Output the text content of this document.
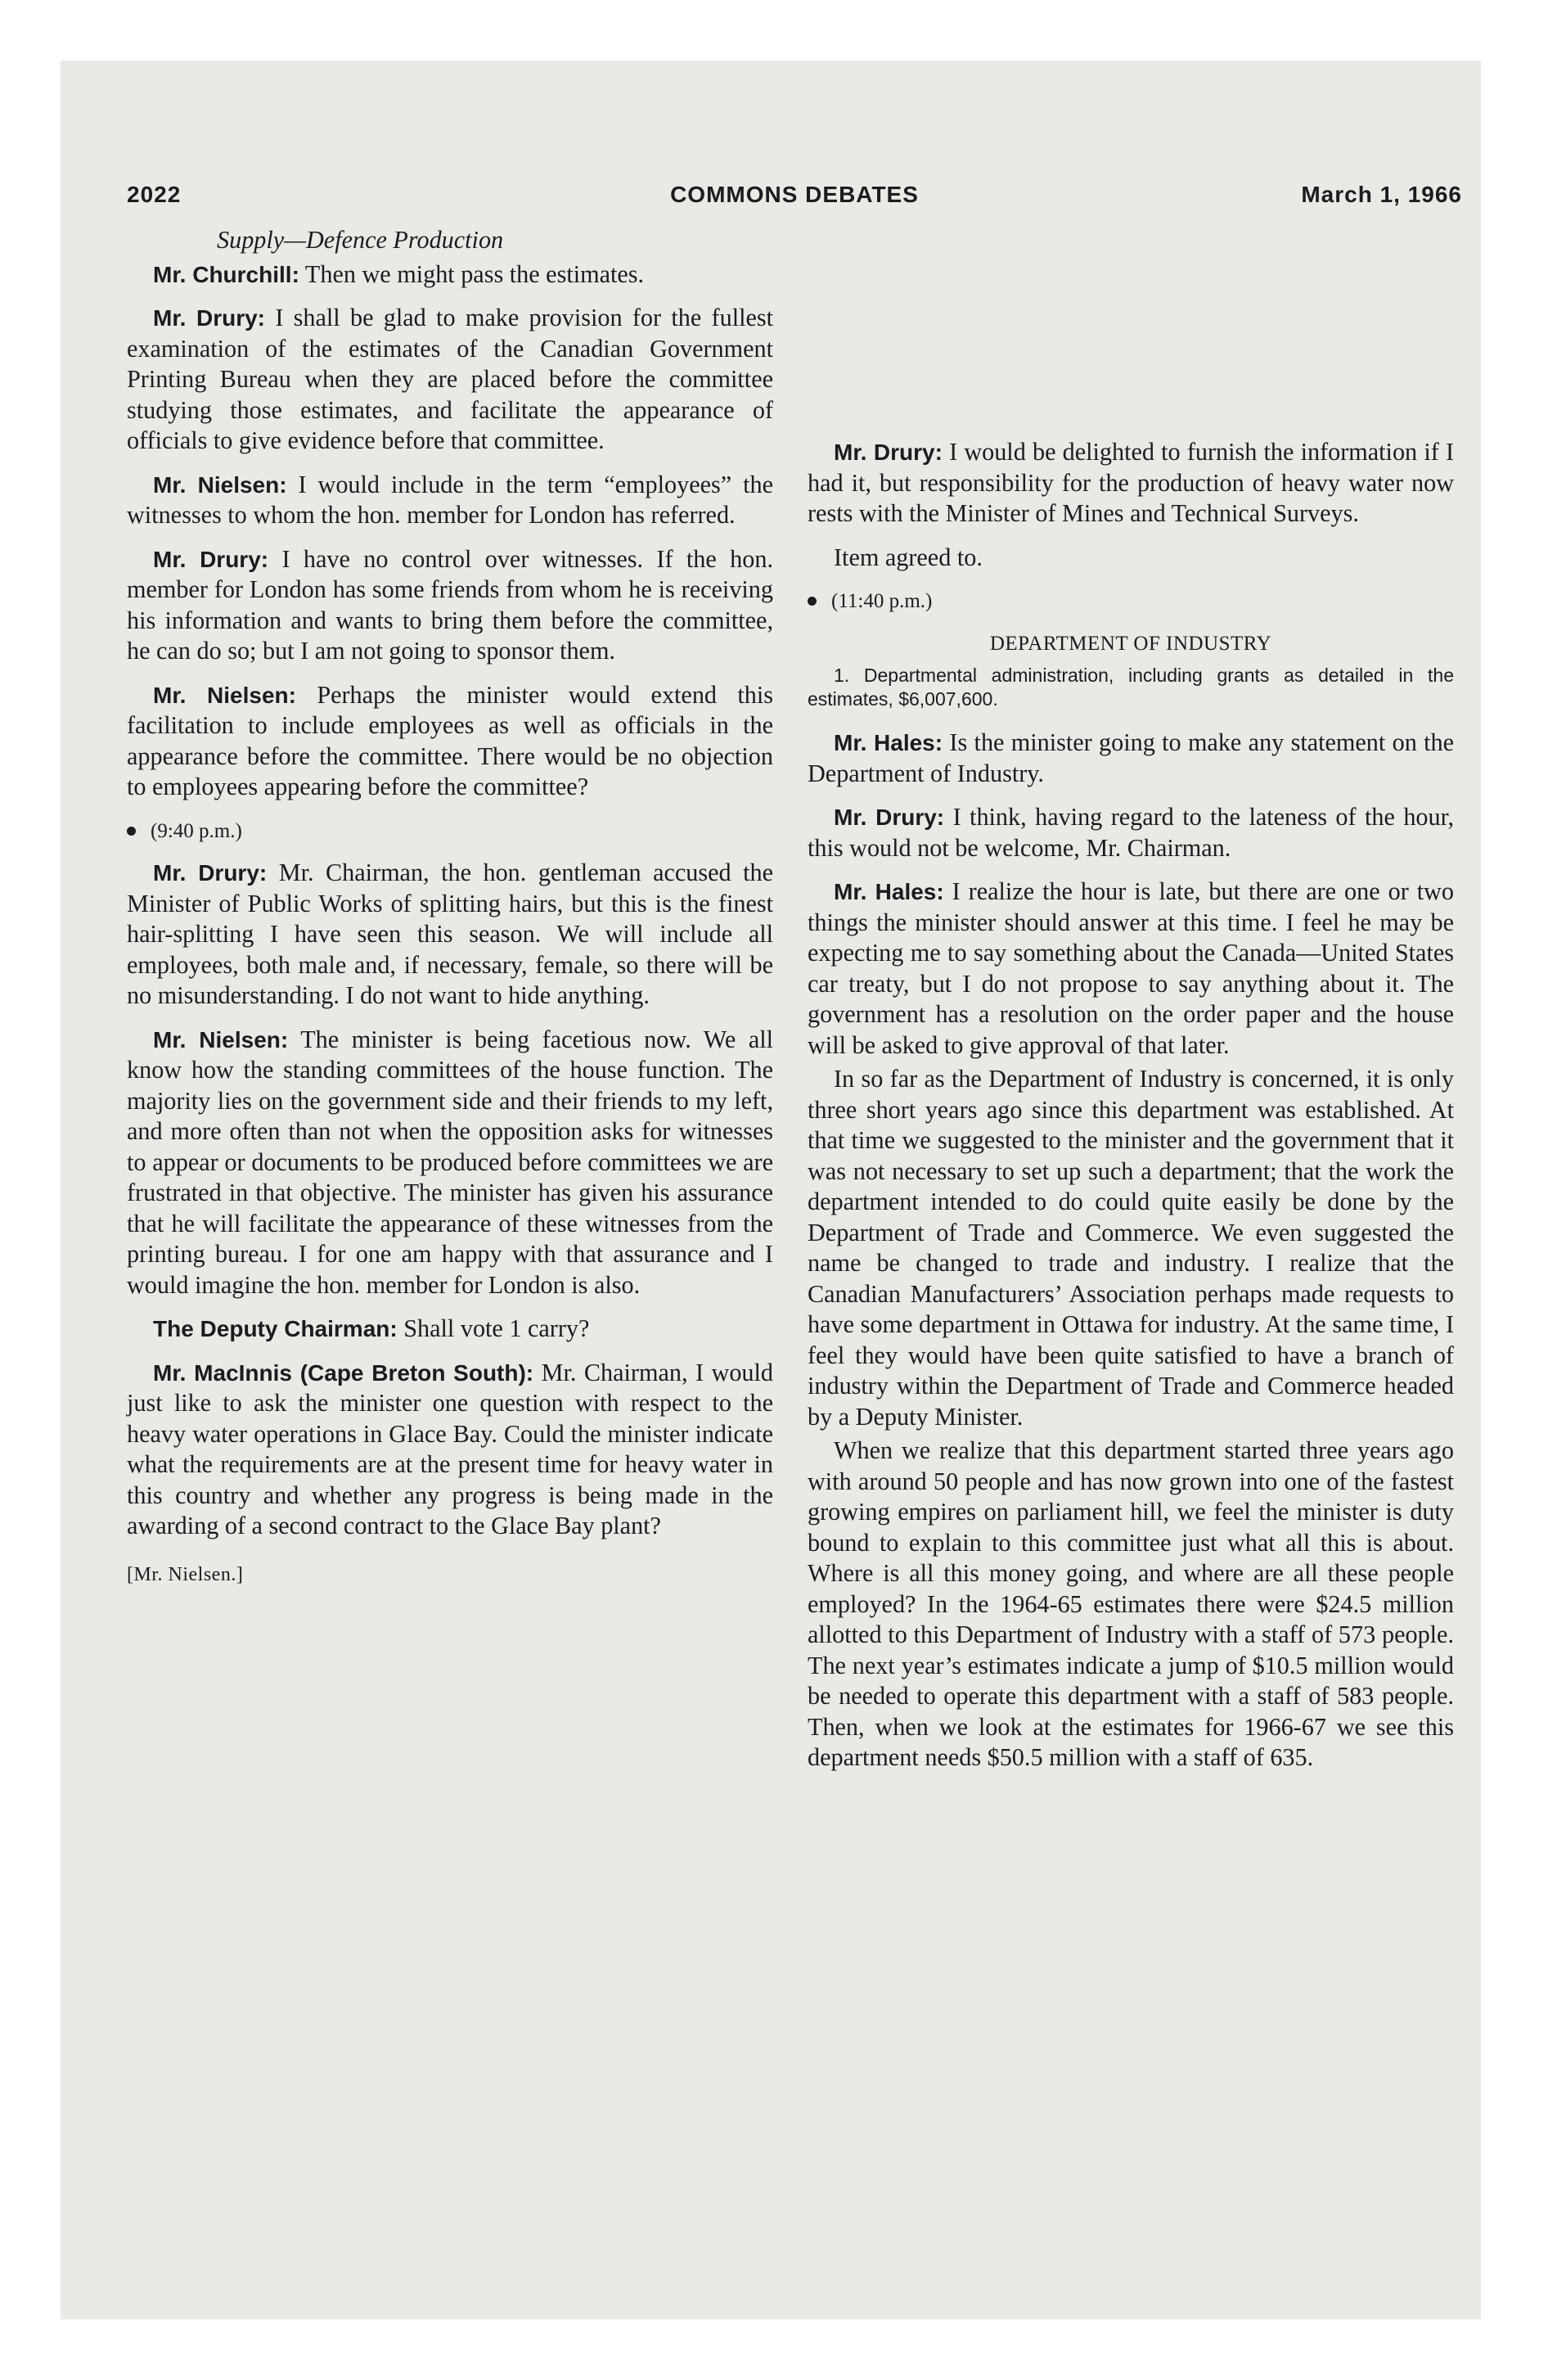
2022	COMMONS DEBATES	March 1, 1966

Supply—Defence Production

Mr. Churchill: Then we might pass the estimates.

Mr. Drury: I shall be glad to make provision for the fullest examination of the estimates of the Canadian Government Printing Bureau when they are placed before the committee studying those estimates, and facilitate the appearance of officials to give evidence before that committee.

Mr. Nielsen: I would include in the term “employees” the witnesses to whom the hon. member for London has referred.

Mr. Drury: I have no control over witnesses. If the hon. member for London has some friends from whom he is receiving his information and wants to bring them before the committee, he can do so; but I am not going to sponsor them.

Mr. Nielsen: Perhaps the minister would extend this facilitation to include employees as well as officials in the appearance before the committee. There would be no objection to employees appearing before the committee?

(9:40 p.m.)

Mr. Drury: Mr. Chairman, the hon. gentleman accused the Minister of Public Works of splitting hairs, but this is the finest hair-splitting I have seen this season. We will include all employees, both male and, if necessary, female, so there will be no misunderstanding. I do not want to hide anything.

Mr. Nielsen: The minister is being facetious now. We all know how the standing committees of the house function. The majority lies on the government side and their friends to my left, and more often than not when the opposition asks for witnesses to appear or documents to be produced before committees we are frustrated in that objective. The minister has given his assurance that he will facilitate the appearance of these witnesses from the printing bureau. I for one am happy with that assurance and I would imagine the hon. member for London is also.

The Deputy Chairman: Shall vote 1 carry?

Mr. MacInnis (Cape Breton South): Mr. Chairman, I would just like to ask the minister one question with respect to the heavy water operations in Glace Bay. Could the minister indicate what the requirements are at the present time for heavy water in this country and whether any progress is being made in the awarding of a second contract to the Glace Bay plant?

[Mr. Nielsen.]

Mr. Drury: I would be delighted to furnish the information if I had it, but responsibility for the production of heavy water now rests with the Minister of Mines and Technical Surveys.

Item agreed to.

(11:40 p.m.)

DEPARTMENT OF INDUSTRY

1. Departmental administration, including grants as detailed in the estimates, $6,007,600.

Mr. Hales: Is the minister going to make any statement on the Department of Industry.

Mr. Drury: I think, having regard to the lateness of the hour, this would not be welcome, Mr. Chairman.

Mr. Hales: I realize the hour is late, but there are one or two things the minister should answer at this time. I feel he may be expecting me to say something about the Canada—United States car treaty, but I do not propose to say anything about it. The government has a resolution on the order paper and the house will be asked to give approval of that later.

In so far as the Department of Industry is concerned, it is only three short years ago since this department was established. At that time we suggested to the minister and the government that it was not necessary to set up such a department; that the work the department intended to do could quite easily be done by the Department of Trade and Commerce. We even suggested the name be changed to trade and industry. I realize that the Canadian Manufacturers’ Association perhaps made requests to have some department in Ottawa for industry. At the same time, I feel they would have been quite satisfied to have a branch of industry within the Department of Trade and Commerce headed by a Deputy Minister.

When we realize that this department started three years ago with around 50 people and has now grown into one of the fastest growing empires on parliament hill, we feel the minister is duty bound to explain to this committee just what all this is about. Where is all this money going, and where are all these people employed? In the 1964-65 estimates there were $24.5 million allotted to this Department of Industry with a staff of 573 people. The next year’s estimates indicate a jump of $10.5 million would be needed to operate this department with a staff of 583 people. Then, when we look at the estimates for 1966-67 we see this department needs $50.5 million with a staff of 635.
